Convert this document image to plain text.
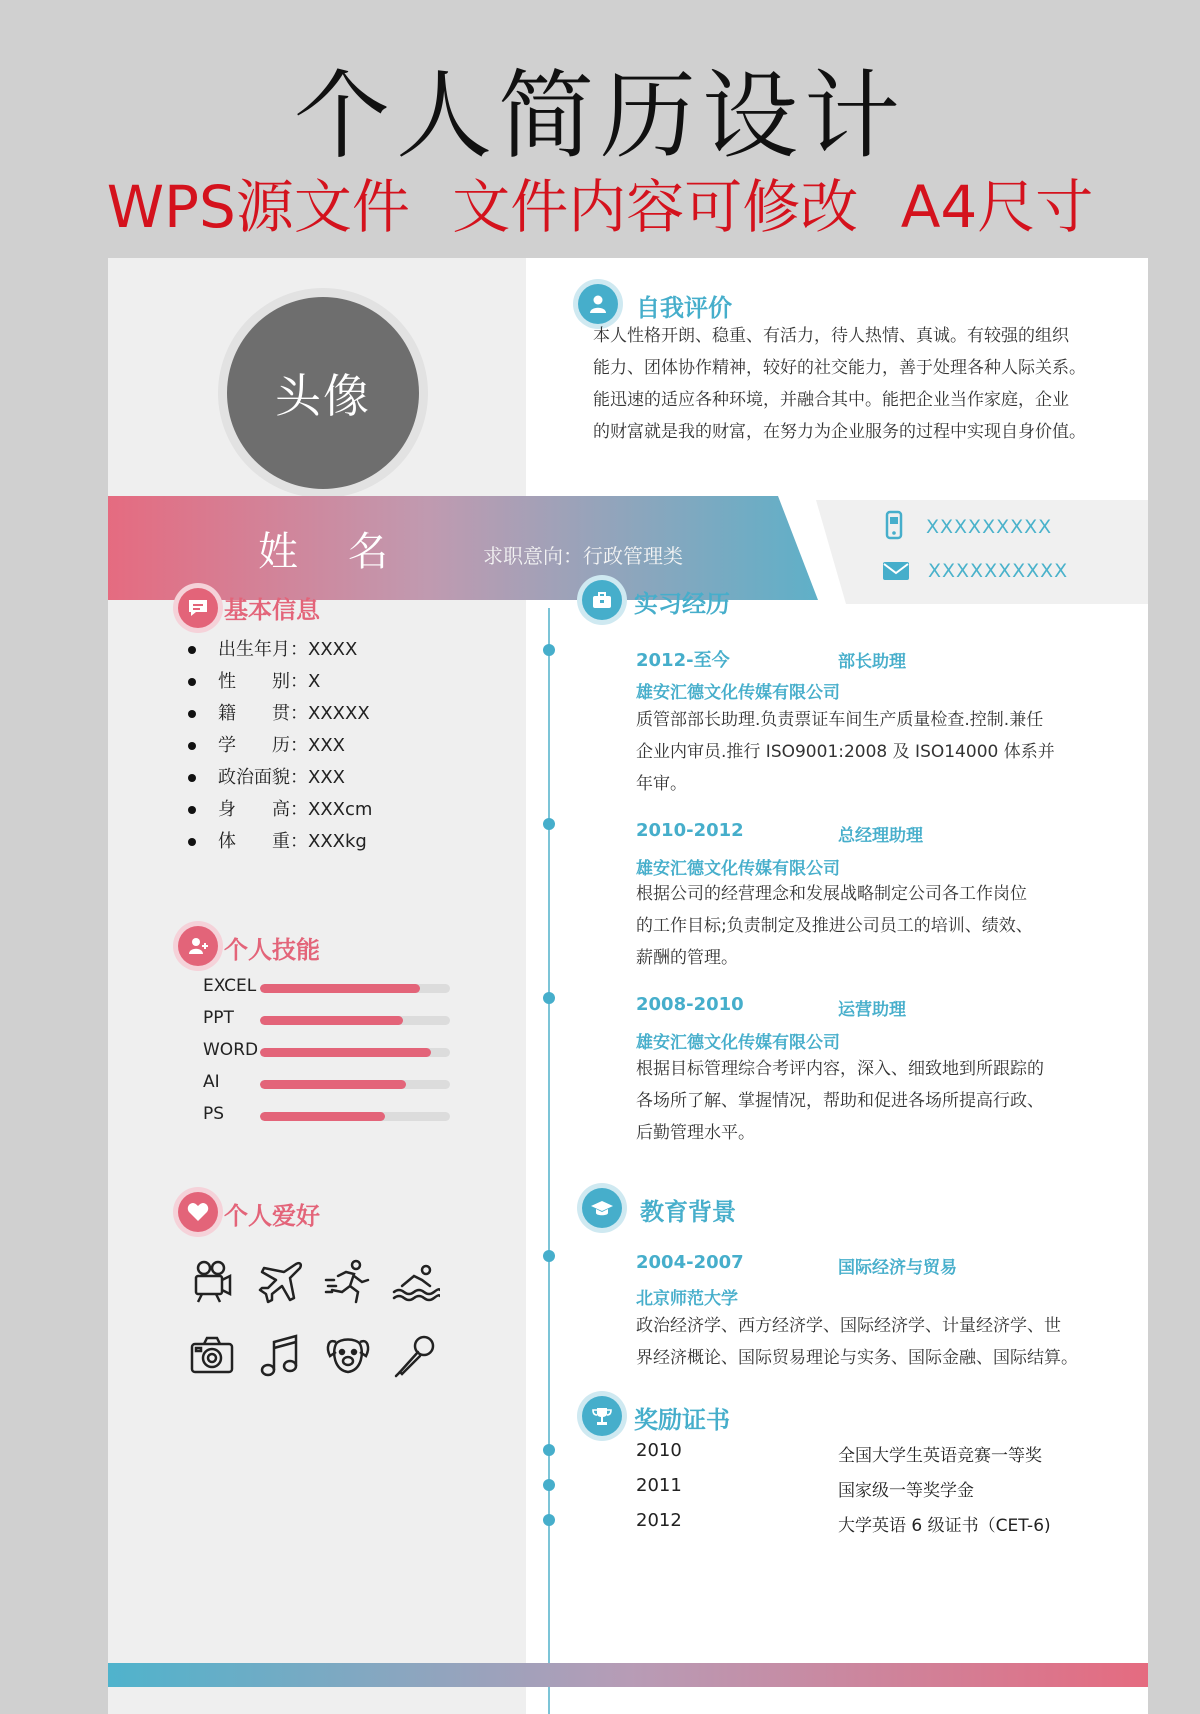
个人简历设计
WPS源文件 文件内容可修改 A4尺寸
头像
自我评价
本人性格开朗、稳重、有活力，待人热情、真诚。有较强的组织
能力、团体协作精神，较好的社交能力，善于处理各种人际关系。
能迅速的适应各种环境，并融合其中。能把企业当作家庭，企业
的财富就是我的财富，在努力为企业服务的过程中实现自身价值。
姓名 求职意向：行政管理类
XXXXXXXXX
XXXXXXXXXX
基本信息
出生年月：XXXX
性　　别：X
籍　　贯：XXXXX
学　　历：XXX
政治面貌：XXX
身　　高：XXXcm
体　　重：XXXkg
个人技能
EXCEL
PPT
WORD
AI
PS
个人爱好
实习经历
2012-至今	部长助理
雄安汇德文化传媒有限公司
质管部部长助理.负责票证车间生产质量检查.控制.兼任
企业内审员.推行 ISO9001:2008 及 ISO14000 体系并
年审。
2010-2012	总经理助理
雄安汇德文化传媒有限公司
根据公司的经营理念和发展战略制定公司各工作岗位
的工作目标;负责制定及推进公司员工的培训、绩效、
薪酬的管理。
2008-2010	运营助理
雄安汇德文化传媒有限公司
根据目标管理综合考评内容，深入、细致地到所跟踪的
各场所了解、掌握情况，帮助和促进各场所提高行政、
后勤管理水平。
教育背景
2004-2007	国际经济与贸易
北京师范大学
政治经济学、西方经济学、国际经济学、计量经济学、世
界经济概论、国际贸易理论与实务、国际金融、国际结算。
奖励证书
2010	全国大学生英语竞赛一等奖
2011	国家级一等奖学金
2012	大学英语 6 级证书（CET-6)
